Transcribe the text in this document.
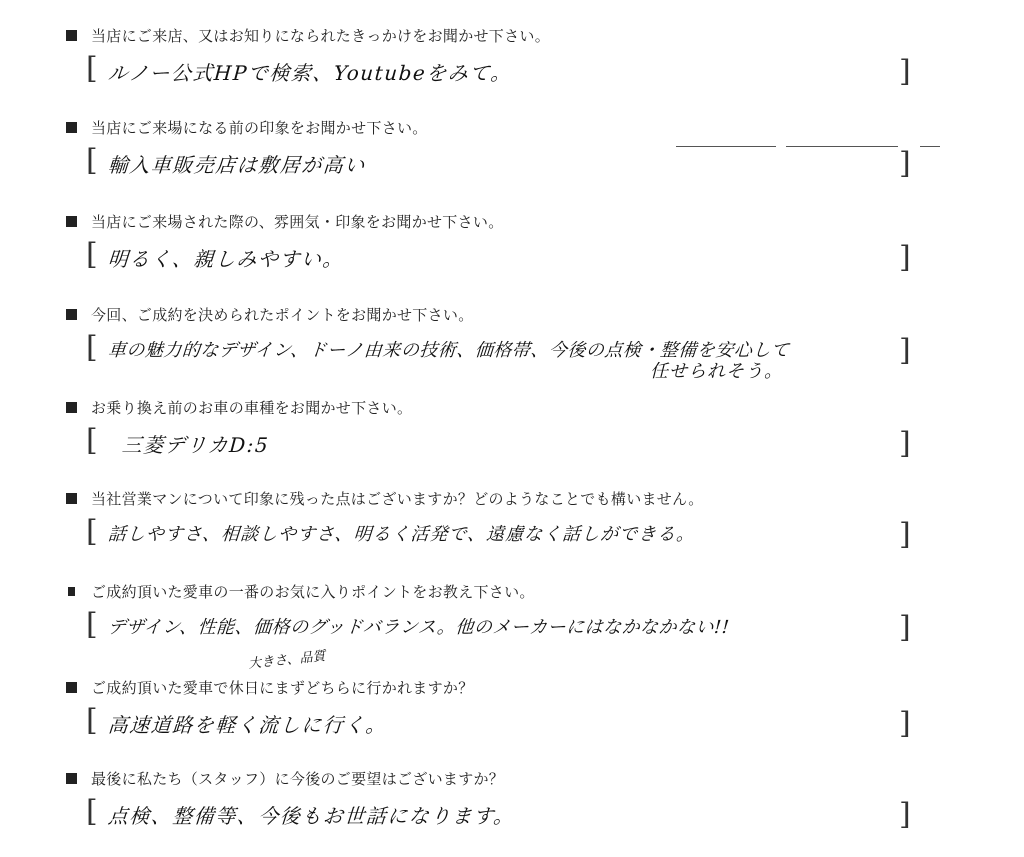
当店にご来店、又はお知りになられたきっかけをお聞かせ下さい。
[ ルノー公式HPで検索、Youtubeをみて。	]
当店にご来場になる前の印象をお聞かせ下さい。
[ 輸入車販売店は敷居が高い	]
当店にご来場された際の、雰囲気・印象をお聞かせ下さい。
[ 明るく、親しみやすい。	]
今回、ご成約を決められたポイントをお聞かせ下さい。
[ 車の魅力的なデザイン、ドーノ由来の技術、価格帯、今後の点検・整備を安心して
任せられそう。
]
お乗り換え前のお車の車種をお聞かせ下さい。
[ 三菱デリカD:5	]
当社営業マンについて印象に残った点はございますか？どのようなことでも構いません。
[ 話しやすさ、相談しやすさ、明るく活発で、遠慮なく話しができる。	]
ご成約頂いた愛車の一番のお気に入りポイントをお教え下さい。
[ デザイン、性能、価格のグッドバランス。他のメーカーにはなかなかない!!	]
大きさ、品質
ご成約頂いた愛車で休日にまずどちらに行かれますか？
[ 高速道路を軽く流しに行く。	]
最後に私たち（スタッフ）に今後のご要望はございますか？
[ 点検、整備等、今後もお世話になります。	]
